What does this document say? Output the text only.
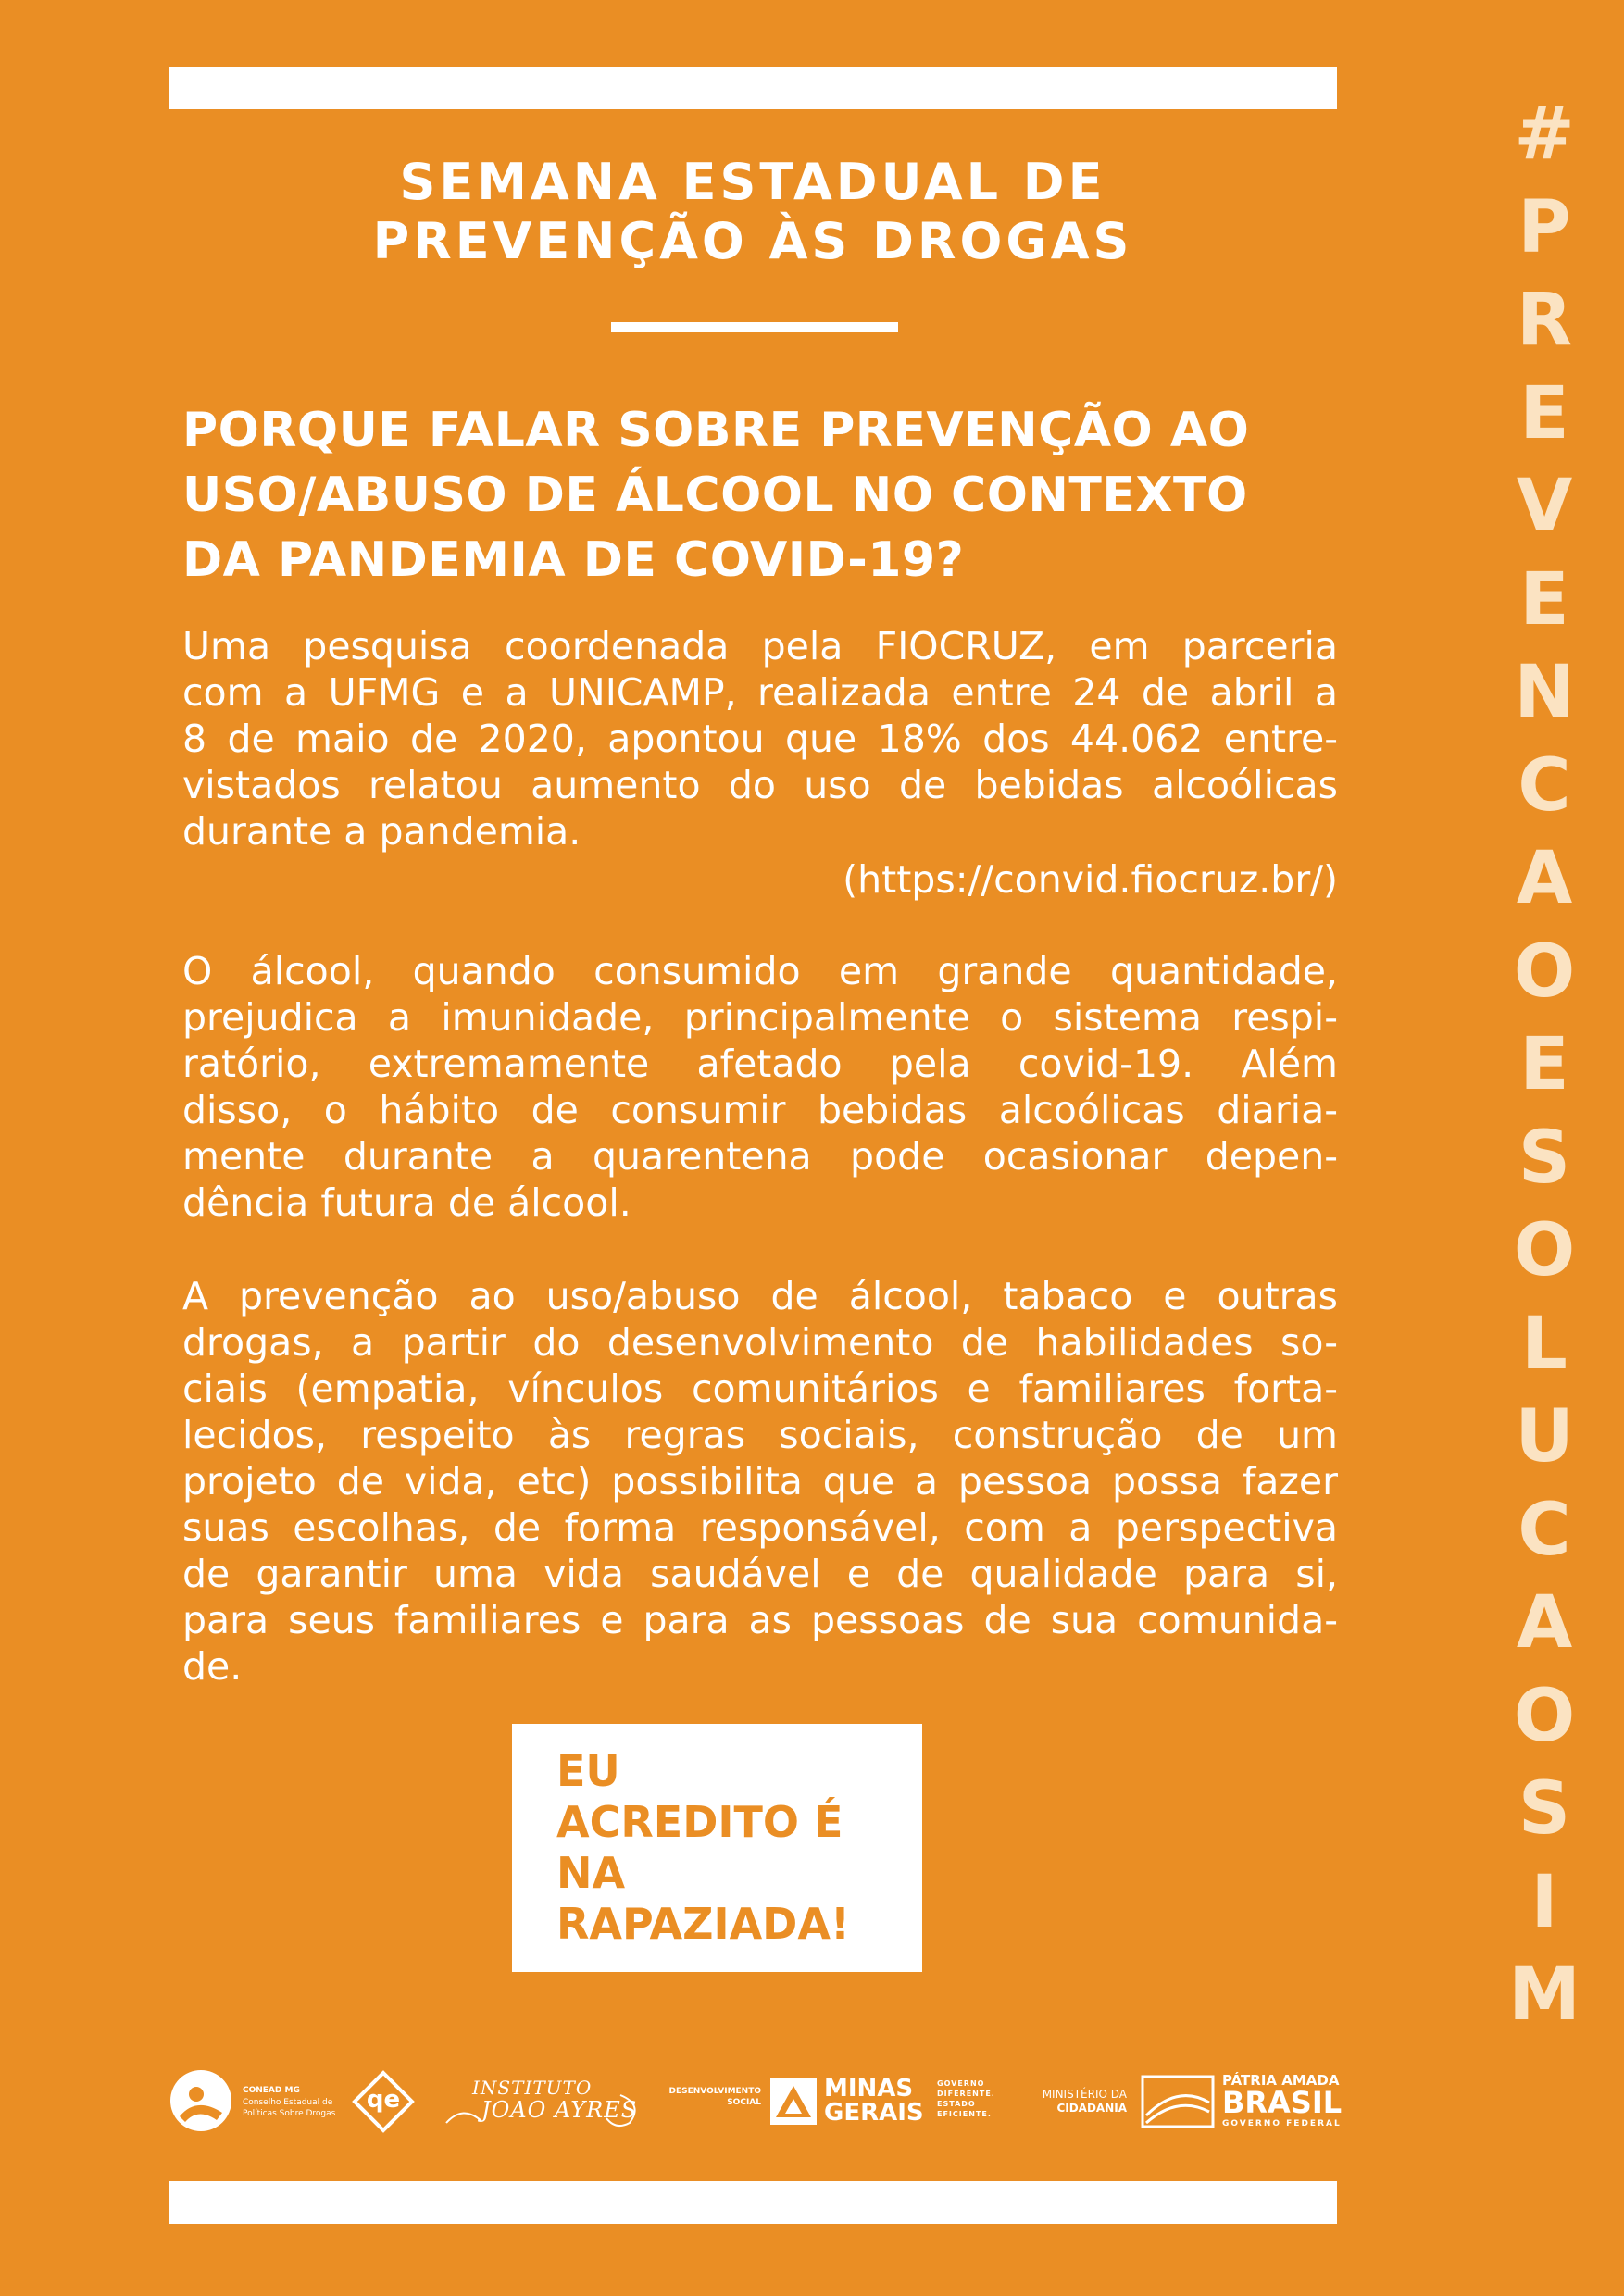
SEMANA ESTADUAL DE
PREVENÇÃO ÀS DROGAS
PORQUE FALAR SOBRE PREVENÇÃO AO
USO/ABUSO DE ÁLCOOL NO CONTEXTO
DA PANDEMIA DE COVID-19?
Uma pesquisa coordenada pela FIOCRUZ, em parceria
com a UFMG e a UNICAMP, realizada entre 24 de abril a
8 de maio de 2020, apontou que 18% dos 44.062 entre-
vistados relatou aumento do uso de bebidas alcoólicas
durante a pandemia.
(https://convid.fiocruz.br/)
O álcool, quando consumido em grande quantidade,
prejudica a imunidade, principalmente o sistema respi-
ratório, extremamente afetado pela covid-19. Além
disso, o hábito de consumir bebidas alcoólicas diaria-
mente durante a quarentena pode ocasionar depen-
dência futura de álcool.
A prevenção ao uso/abuso de álcool, tabaco e outras
drogas, a partir do desenvolvimento de habilidades so-
ciais (empatia, vínculos comunitários e familiares forta-
lecidos, respeito às regras sociais, construção de um
projeto de vida, etc) possibilita que a pessoa possa fazer
suas escolhas, de forma responsável, com a perspectiva
de garantir uma vida saudável e de qualidade para si,
para seus familiares e para as pessoas de sua comunida-
de.
EU
ACREDITO É
NA
RAPAZIADA!
#
P
R
E
V
E
N
C
A
O
E
S
O
L
U
C
A
O
S
I
M
CONEAD MG
Conselho Estadual de
Políticas Sobre Drogas	qe	INSTITUTO
JOAO AYRES
DESENVOLVIMENTO
SOCIAL	MINAS
GERAIS
GOVERNO
DIFERENTE.
ESTADO
EFICIENTE.
MINISTÉRIO DA
CIDADANIA
PÁTRIA AMADA
BRASIL
GOVERNO FEDERAL
